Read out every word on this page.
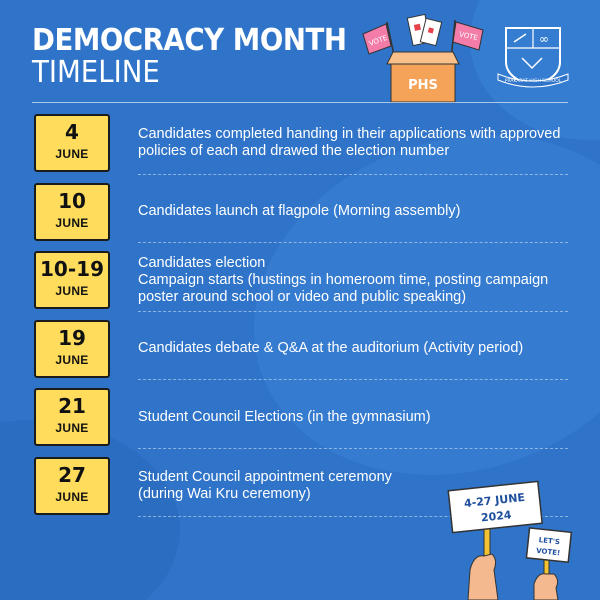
DEMOCRACY MONTH
TIMELINE
VOTE	VOTE
PHS
∞
PRAKARAT HIGH SCHOOL
4
JUNE
Candidates completed handing in their applications with approved policies of each and drawed the election number
10
JUNE
Candidates launch at flagpole (Morning assembly)
10-19
JUNE
Candidates election
Campaign starts (hustings in homeroom time, posting campaign poster around school or video and public speaking)
19
JUNE
Candidates debate & Q&A at the auditorium (Activity period)
21
JUNE
Student Council Elections (in the gymnasium)
27
JUNE
Student Council appointment ceremony (during Wai Kru ceremony)	4-27 JUNE
2024
LET'S
VOTE!
